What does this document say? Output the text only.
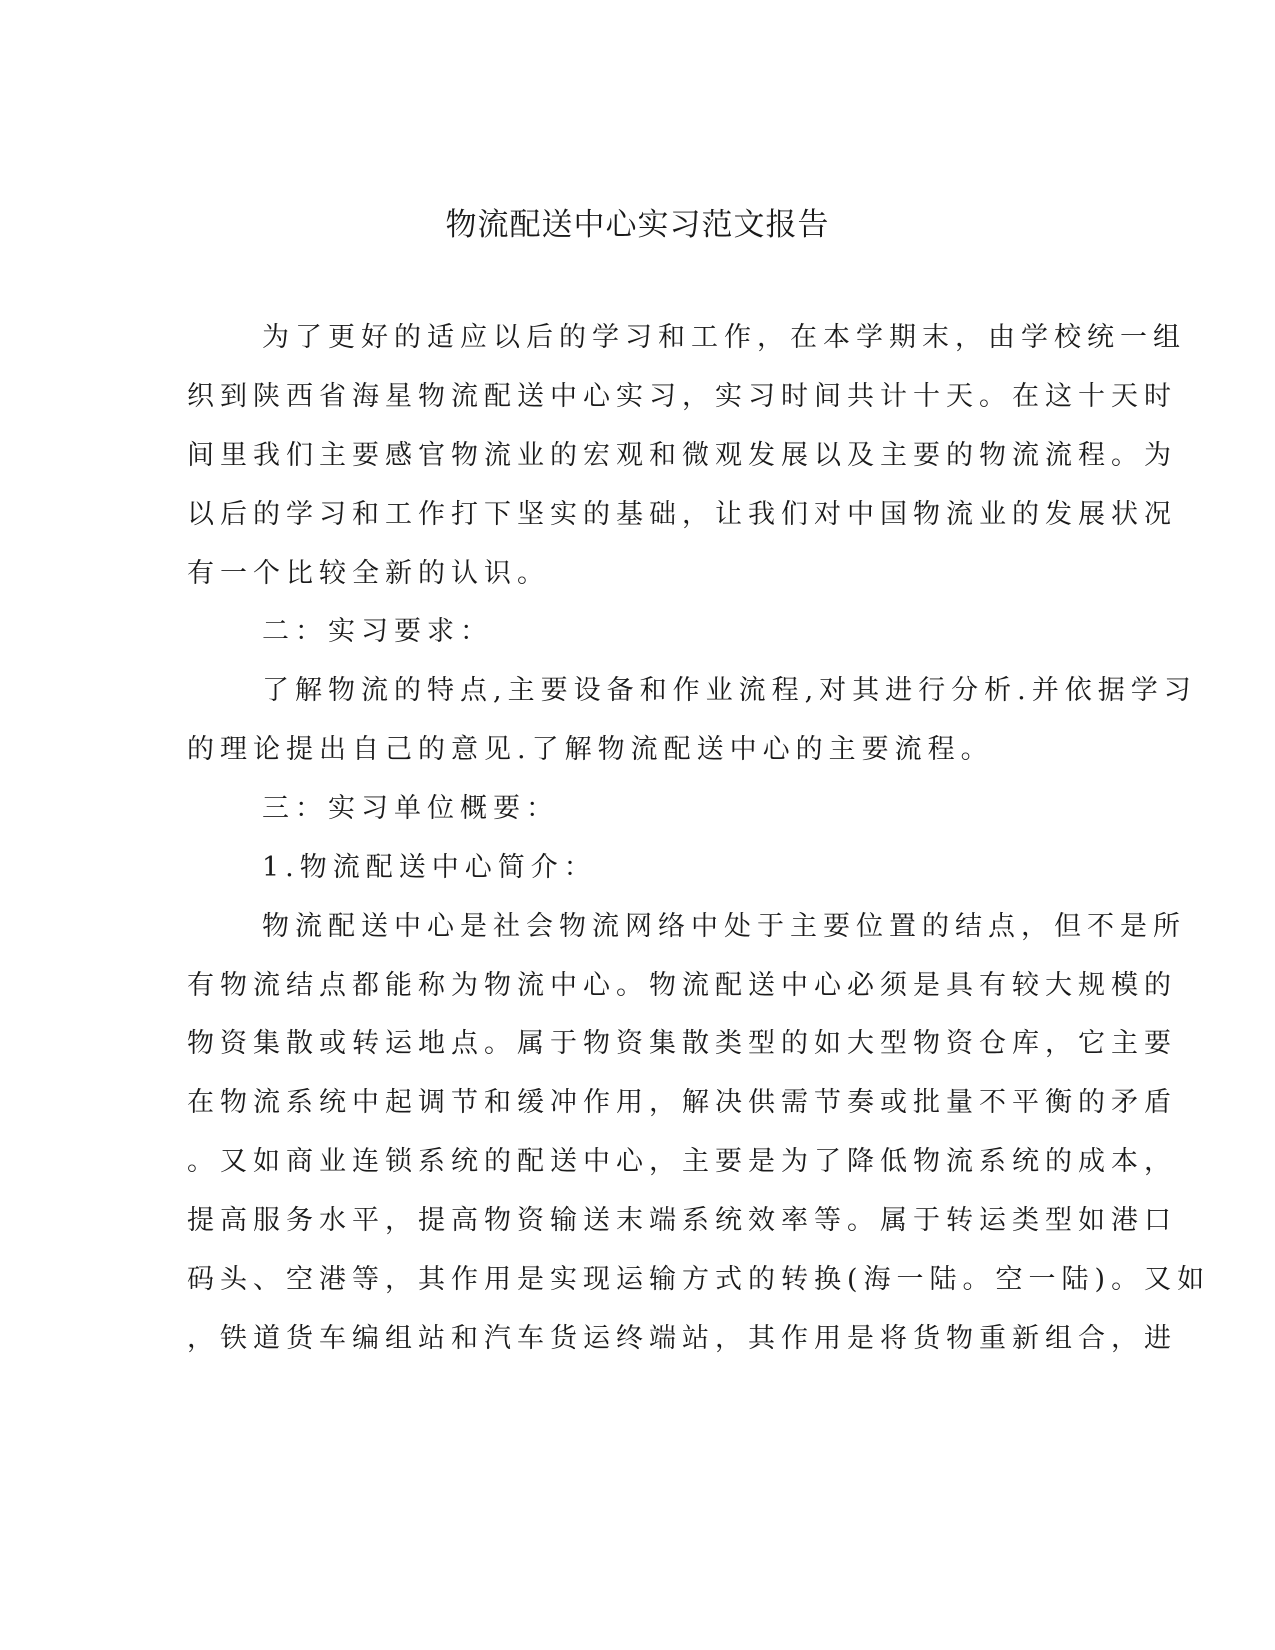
物流配送中心实习范文报告
为了更好的适应以后的学习和工作，在本学期末，由学校统一组
织到陕西省海星物流配送中心实习，实习时间共计十天。在这十天时
间里我们主要感官物流业的宏观和微观发展以及主要的物流流程。为
以后的学习和工作打下坚实的基础，让我们对中国物流业的发展状况
有一个比较全新的认识。
二：实习要求：
了解物流的特点,主要设备和作业流程,对其进行分析.并依据学习
的理论提出自己的意见.了解物流配送中心的主要流程。
三：实习单位概要：
1.物流配送中心简介：
物流配送中心是社会物流网络中处于主要位置的结点，但不是所
有物流结点都能称为物流中心。物流配送中心必须是具有较大规模的
物资集散或转运地点。属于物资集散类型的如大型物资仓库，它主要
在物流系统中起调节和缓冲作用，解决供需节奏或批量不平衡的矛盾
。又如商业连锁系统的配送中心，主要是为了降低物流系统的成本，
提高服务水平，提高物资输送末端系统效率等。属于转运类型如港口
码头、空港等，其作用是实现运输方式的转换(海一陆。空一陆)。又如
，铁道货车编组站和汽车货运终端站，其作用是将货物重新组合，进
